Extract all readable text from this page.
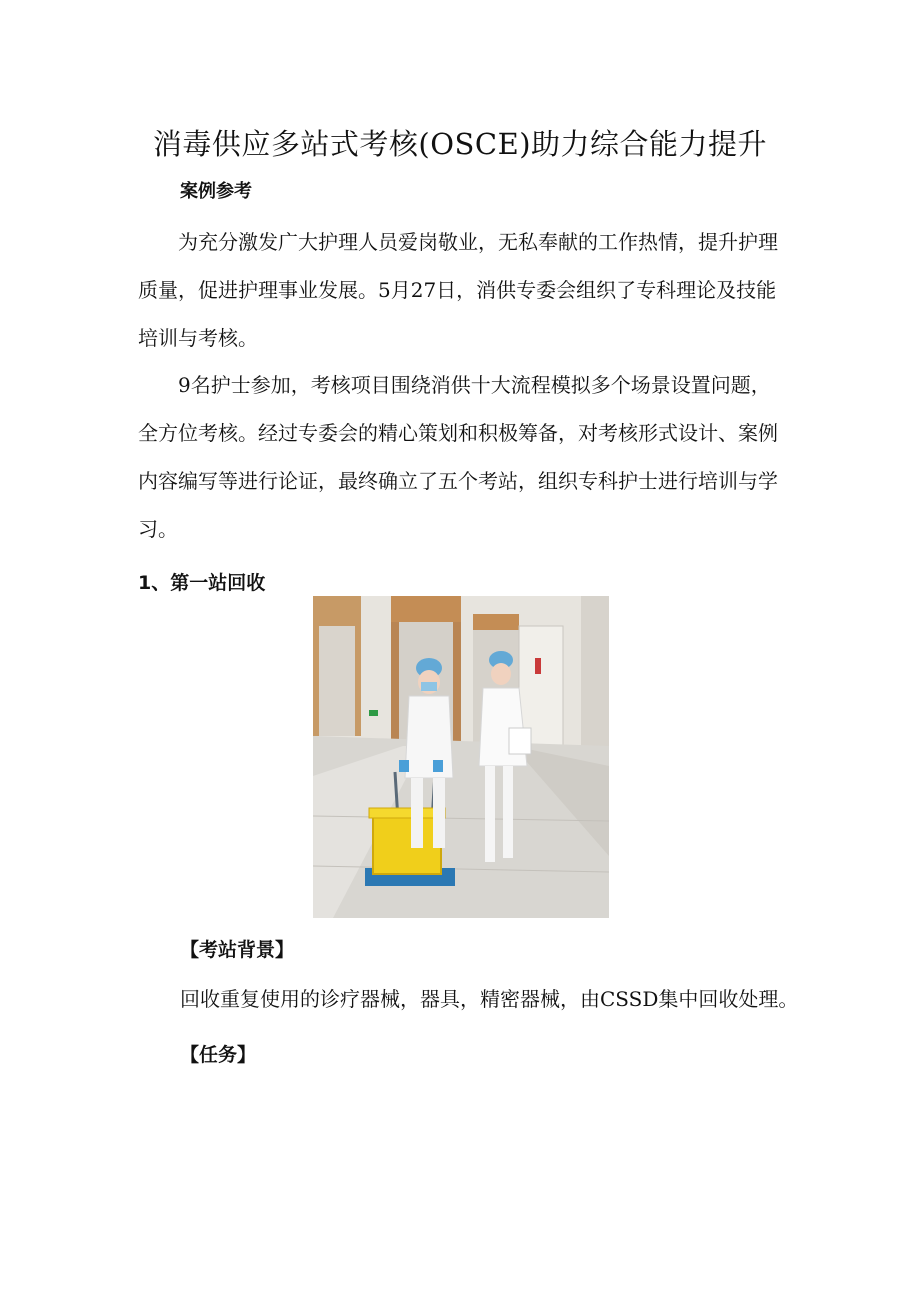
消毒供应多站式考核(OSCE)助力综合能力提升
案例参考

为充分激发广大护理人员爱岗敬业，无私奉献的工作热情，提升护理质量，促进护理事业发展。5月27日，消供专委会组织了专科理论及技能培训与考核。

9名护士参加，考核项目围绕消供十大流程模拟多个场景设置问题，全方位考核。经过专委会的精心策划和积极筹备，对考核形式设计、案例内容编写等进行论证，最终确立了五个考站，组织专科护士进行培训与学习。

1、第一站回收
【考站背景】

回收重复使用的诊疗器械，器具，精密器械，由CSSD集中回收处理。

【任务】
